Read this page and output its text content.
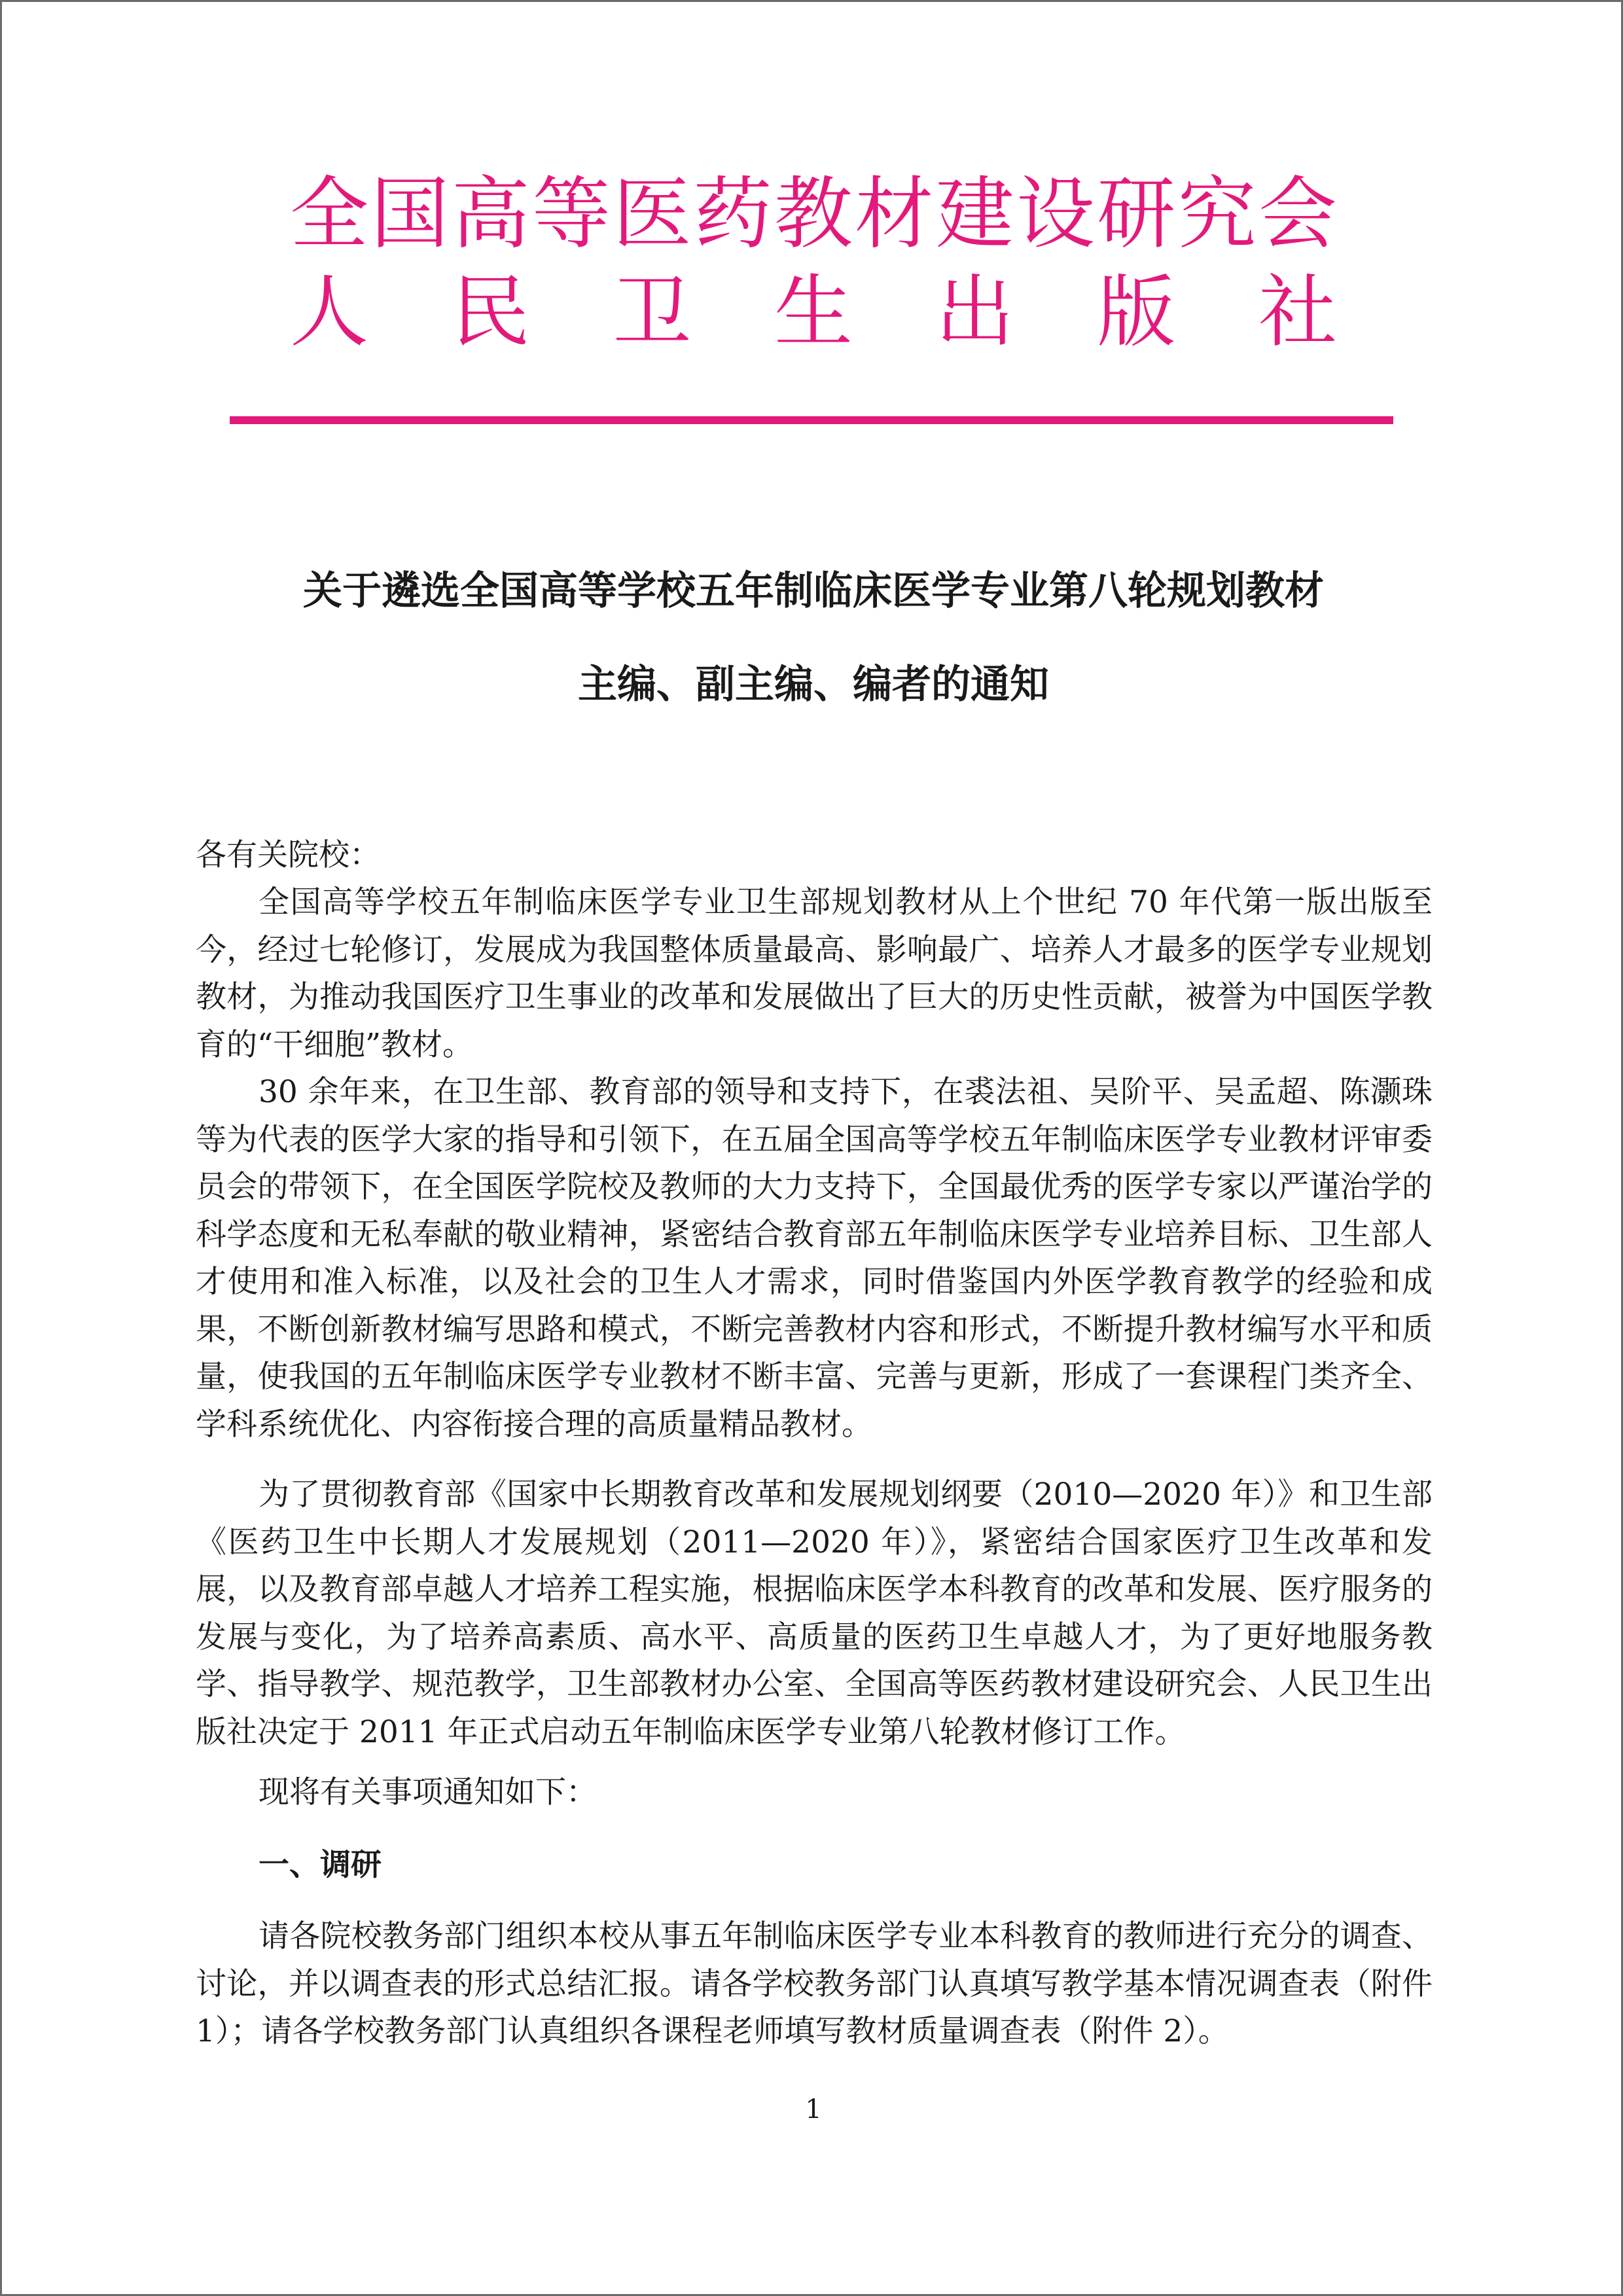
全 国 高 等 医 药 教 材 建 设 研 究 会
人 民 卫 生 出 版 社
关于遴选全国高等学校五年制临床医学专业第八轮规划教材
主编、副主编、编者的通知
各有关院校：

全国高等学校五年制临床医学专业卫生部规划教材从上个世纪 70 年代第一版出版至今，经过七轮修订，发展成为我国整体质量最高、影响最广、培养人才最多的医学专业规划教材，为推动我国医疗卫生事业的改革和发展做出了巨大的历史性贡献，被誉为中国医学教育的“干细胞”教材。

30 余年来，在卫生部、教育部的领导和支持下，在裘法祖、吴阶平、吴孟超、陈灏珠等为代表的医学大家的指导和引领下，在五届全国高等学校五年制临床医学专业教材评审委员会的带领下，在全国医学院校及教师的大力支持下，全国最优秀的医学专家以严谨治学的科学态度和无私奉献的敬业精神，紧密结合教育部五年制临床医学专业培养目标、卫生部人才使用和准入标准，以及社会的卫生人才需求，同时借鉴国内外医学教育教学的经验和成果，不断创新教材编写思路和模式，不断完善教材内容和形式，不断提升教材编写水平和质量，使我国的五年制临床医学专业教材不断丰富、完善与更新，形成了一套课程门类齐全、学科系统优化、内容衔接合理的高质量精品教材。

为了贯彻教育部《国家中长期教育改革和发展规划纲要（2010—2020 年）》和卫生部《医药卫生中长期人才发展规划（2011—2020 年）》，紧密结合国家医疗卫生改革和发展，以及教育部卓越人才培养工程实施，根据临床医学本科教育的改革和发展、医疗服务的发展与变化，为了培养高素质、高水平、高质量的医药卫生卓越人才，为了更好地服务教学、指导教学、规范教学，卫生部教材办公室、全国高等医药教材建设研究会、人民卫生出版社决定于 2011 年正式启动五年制临床医学专业第八轮教材修订工作。

现将有关事项通知如下：
一、调研

请各院校教务部门组织本校从事五年制临床医学专业本科教育的教师进行充分的调查、讨论，并以调查表的形式总结汇报。请各学校教务部门认真填写教学基本情况调查表（附件 1）；请各学校教务部门认真组织各课程老师填写教材质量调查表（附件 2）。

1
